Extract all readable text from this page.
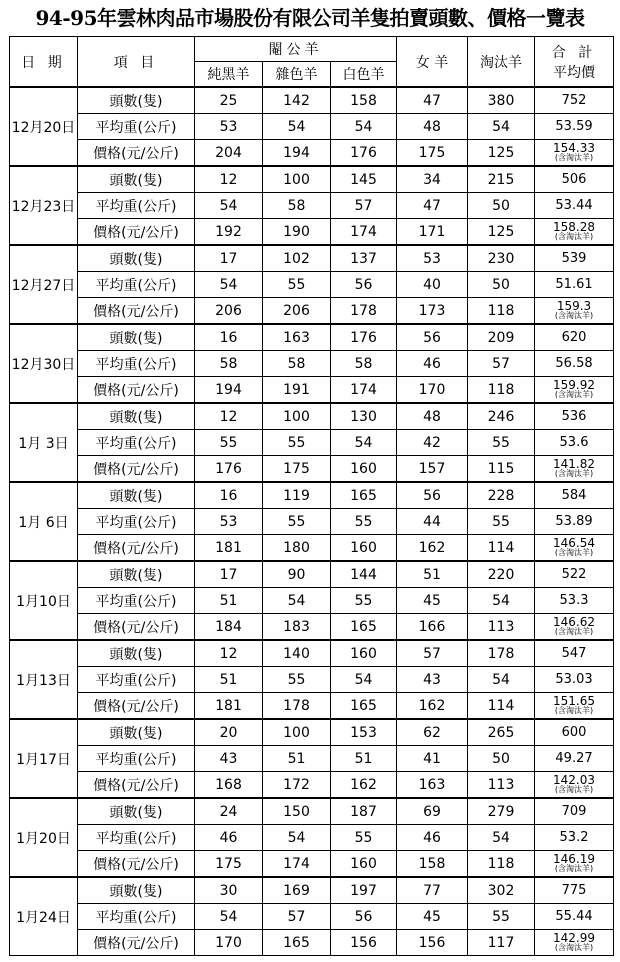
94-95年雲林肉品市場股份有限公司羊隻拍賣頭數、價格一覽表
日 期	項 目	閹公羊			女 羊	淘汰羊	合 計
平均價

		純黑羊	雜色羊	白色羊			
12月20日	頭數(隻)	25	142	158	47	380	752
	平均重(公斤)	53	54	54	48	54	53.59
	價格(元/公斤)	204	194	176	175	125	154.33
(含淘汰羊)

12月23日	頭數(隻)	12	100	145	34	215	506
	平均重(公斤)	54	58	57	47	50	53.44
	價格(元/公斤)	192	190	174	171	125	158.28
(含淘汰羊)

12月27日	頭數(隻)	17	102	137	53	230	539
	平均重(公斤)	54	55	56	40	50	51.61
	價格(元/公斤)	206	206	178	173	118	159.3
(含淘汰羊)

12月30日	頭數(隻)	16	163	176	56	209	620
	平均重(公斤)	58	58	58	46	57	56.58
	價格(元/公斤)	194	191	174	170	118	159.92
(含淘汰羊)

1月 3日	頭數(隻)	12	100	130	48	246	536
	平均重(公斤)	55	55	54	42	55	53.6
	價格(元/公斤)	176	175	160	157	115	141.82
(含淘汰羊)

1月 6日	頭數(隻)	16	119	165	56	228	584
	平均重(公斤)	53	55	55	44	55	53.89
	價格(元/公斤)	181	180	160	162	114	146.54
(含淘汰羊)

1月10日	頭數(隻)	17	90	144	51	220	522
	平均重(公斤)	51	54	55	45	54	53.3
	價格(元/公斤)	184	183	165	166	113	146.62
(含淘汰羊)

1月13日	頭數(隻)	12	140	160	57	178	547
	平均重(公斤)	51	55	54	43	54	53.03
	價格(元/公斤)	181	178	165	162	114	151.65
(含淘汰羊)

1月17日	頭數(隻)	20	100	153	62	265	600
	平均重(公斤)	43	51	51	41	50	49.27
	價格(元/公斤)	168	172	162	163	113	142.03
(含淘汰羊)

1月20日	頭數(隻)	24	150	187	69	279	709
	平均重(公斤)	46	54	55	46	54	53.2
	價格(元/公斤)	175	174	160	158	118	146.19
(含淘汰羊)

1月24日	頭數(隻)	30	169	197	77	302	775
	平均重(公斤)	54	57	56	45	55	55.44
	價格(元/公斤)	170	165	156	156	117	142.99
(含淘汰羊)
